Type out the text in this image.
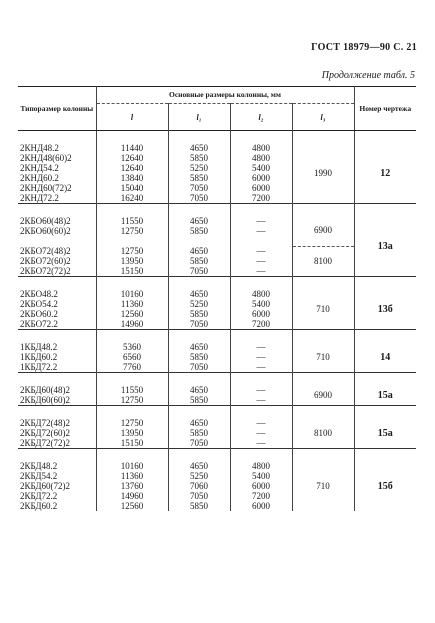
ГОСТ 18979—90 С. 21
Продолжение табл. 5
Типоразмер колонны	Основные размеры колонны, мм				Номер чертежа
	l	l₁	l₂	l₃	

2КНД48.2	11440	4650	4800	1990	12
2КНД48(60)2	12640	5850	4800		
2КНД54.2	12640	5250	5400		
2КНД60.2	13840	5850	6000		
2КНД60(72)2	15040	7050	6000		
2КНД72.2	16240	7050	7200		

2КБО60(48)2	11550	4650	—	6900	13а
2КБО60(60)2	12750	5850	—		

2КБО72(48)2	12750	4650	—	8100	
2КБО72(60)2	13950	5850	—		
2КБО72(72)2	15150	7050	—		

2КБО48.2	10160	4650	4800	710	13б
2КБО54.2	11360	5250	5400		
2КБО60.2	12560	5850	6000		
2КБО72.2	14960	7050	7200		

1КБД48.2	5360	4650	—	710	14
1КБД60.2	6560	5850	—		
1КБД72.2	7760	7050	—		

2КБД60(48)2	11550	4650	—	6900	15а
2КБД60(60)2	12750	5850	—		

2КБД72(48)2	12750	4650	—	8100	15а
2КБД72(60)2	13950	5850	—		
2КБД72(72)2	15150	7050	—		

2КБД48.2	10160	4650	4800	710	15б
2КБД54.2	11360	5250	5400		
2КБД60(72)2	13760	7060	6000		
2КБД72.2	14960	7050	7200		
2КБД60.2	12560	5850	6000		
